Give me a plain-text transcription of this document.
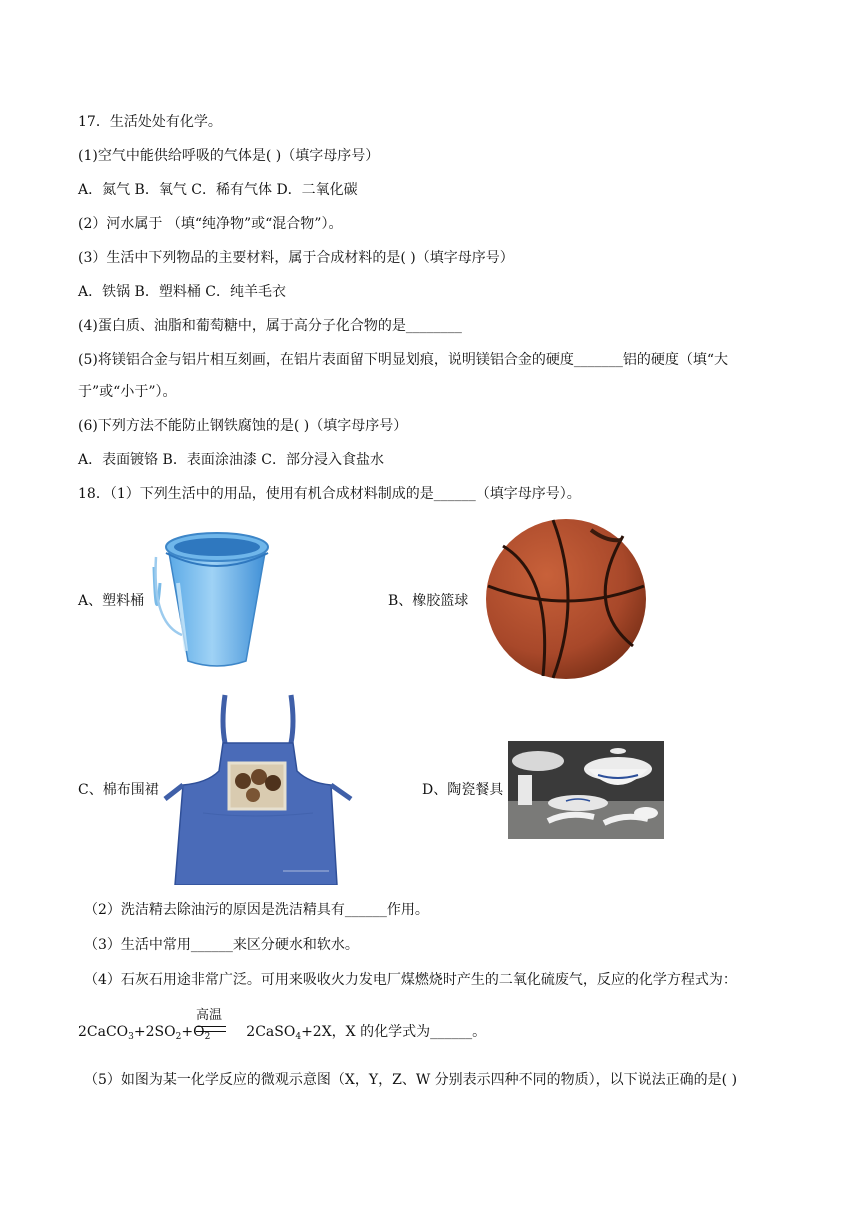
17．生活处处有化学。
(1)空气中能供给呼吸的气体是( )（填字母序号）
A．氮气 B．氧气 C．稀有气体 D．二氧化碳
(2）河水属于 （填“纯净物”或“混合物”）。
(3）生活中下列物品的主要材料，属于合成材料的是( )（填字母序号）
A．铁锅 B．塑料桶 C．纯羊毛衣
(4)蛋白质、油脂和葡萄糖中，属于高分子化合物的是________
(5)将镁铝合金与铝片相互刻画，在铝片表面留下明显划痕，说明镁铝合金的硬度_______铝的硬度（填“大
于”或“小于”）。
(6)下列方法不能防止钢铁腐蚀的是( )（填字母序号）
A．表面镀铬 B．表面涂油漆 C．部分浸入食盐水
18．（1）下列生活中的用品，使用有机合成材料制成的是______（填字母序号）。
A、塑料桶	B、橡胶篮球
C、棉布围裙	D、陶瓷餐具
（2）洗洁精去除油污的原因是洗洁精具有______作用。
（3）生活中常用______来区分硬水和软水。
（4）石灰石用途非常广泛。可用来吸收火力发电厂煤燃烧时产生的二氧化硫废气，反应的化学方程式为：
$2CaCO_3+2SO_2+O_2$	2CaSO$_4$+2X，X 的化学式为______。
高温
（5）如图为某一化学反应的微观示意图（X，Y，Z、W 分别表示四种不同的物质），以下说法正确的是( )
